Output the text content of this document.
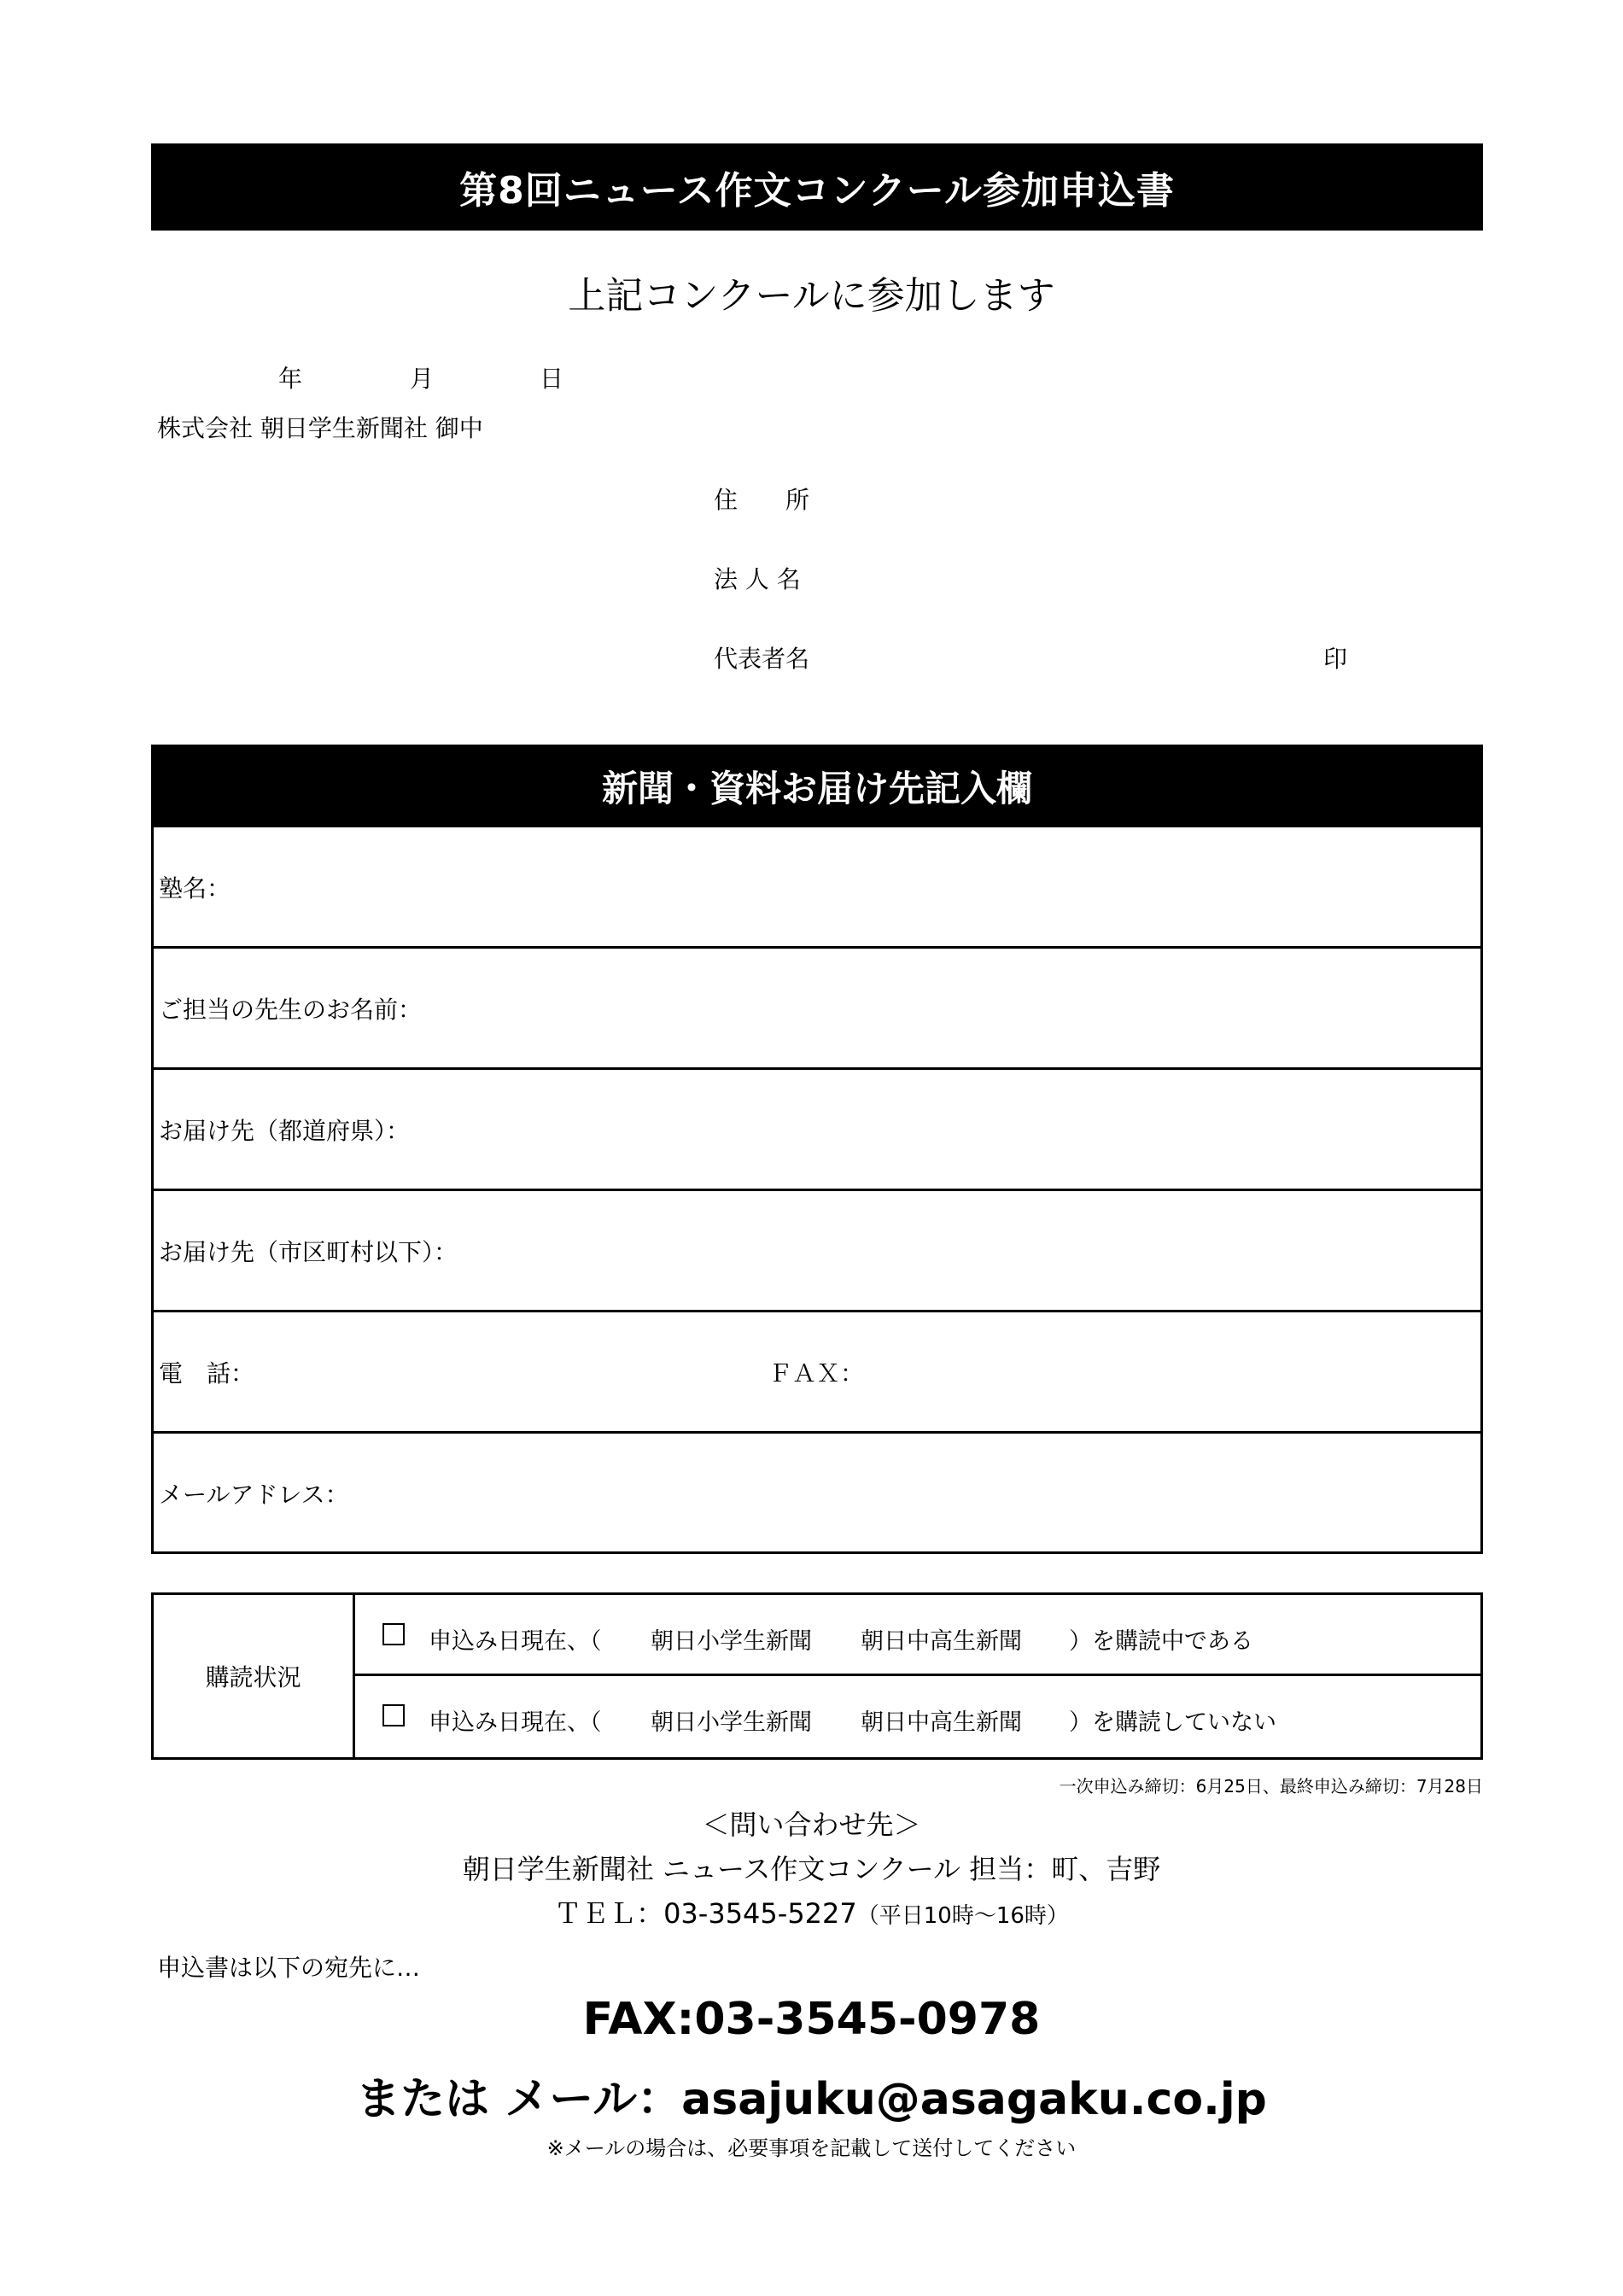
第8回ニュース作文コンクール参加申込書
上記コンクールに参加します
年	月	日
株式会社 朝日学生新聞社 御中
住　　所
法 人 名
代表者名	印
新聞・資料お届け先記入欄
塾名：
ご担当の先生のお名前：
お届け先（都道府県）：
お届け先（市区町村以下）：
電　話：	ＦＡＸ：
メールアドレス：
購読状況
申込み日現在、（ 朝日小学生新聞 朝日中高生新聞 ）を購読中である
申込み日現在、（ 朝日小学生新聞 朝日中高生新聞 ）を購読していない
一次申込み締切：6月25日、最終申込み締切：7月28日
＜問い合わせ先＞
朝日学生新聞社 ニュース作文コンクール 担当：町、吉野
ＴＥＬ：03-3545-5227（平日10時～16時）
申込書は以下の宛先に…
FAX:03-3545-0978
または メール：asajuku@asagaku.co.jp
※メールの場合は、必要事項を記載して送付してください
